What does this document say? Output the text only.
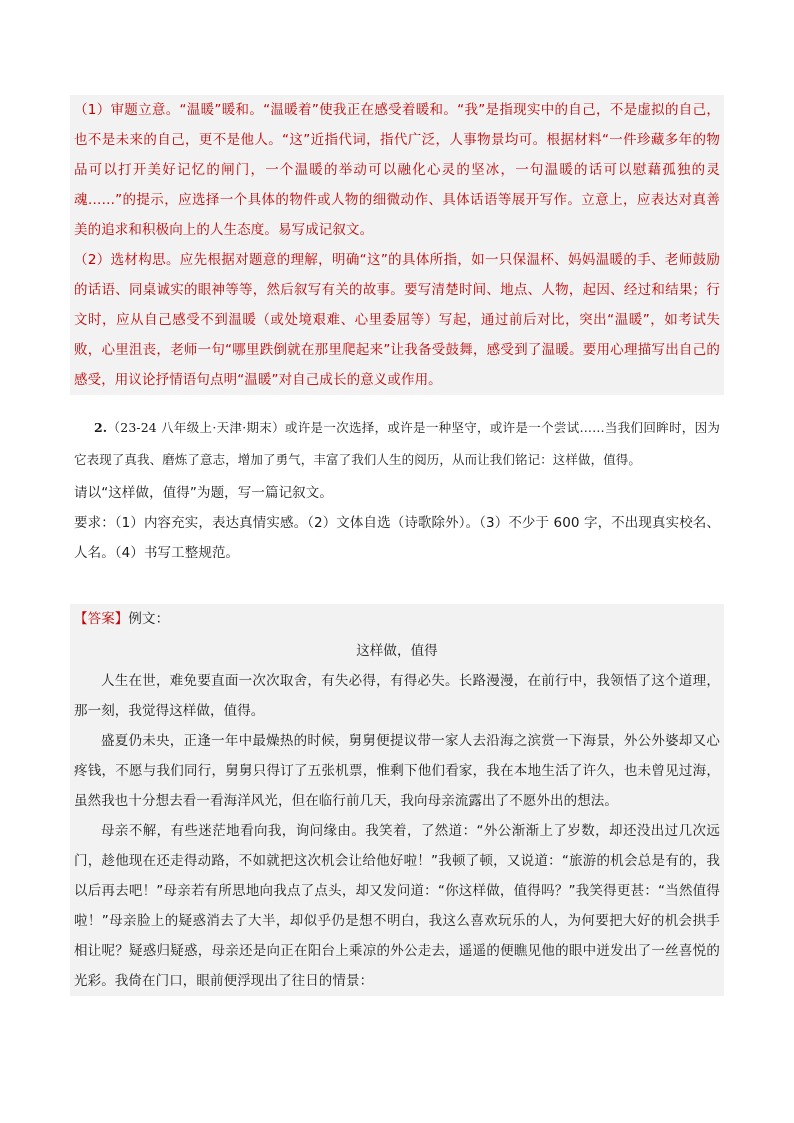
（1）审题立意。“温暖”暖和。“温暖着”使我正在感受着暖和。“我”是指现实中的自己，不是虚拟的自己，也不是未来的自己，更不是他人。“这”近指代词，指代广泛，人事物景均可。根据材料“一件珍藏多年的物品可以打开美好记忆的闸门，一个温暖的举动可以融化心灵的坚冰，一句温暖的话可以慰藉孤独的灵魂……”的提示，应选择一个具体的物件或人物的细微动作、具体话语等展开写作。立意上，应表达对真善美的追求和积极向上的人生态度。易写成记叙文。

（2）选材构思。应先根据对题意的理解，明确“这”的具体所指，如一只保温杯、妈妈温暖的手、老师鼓励的话语、同桌诚实的眼神等等，然后叙写有关的故事。要写清楚时间、地点、人物，起因、经过和结果；行文时，应从自己感受不到温暖（或处境艰难、心里委屈等）写起，通过前后对比，突出“温暖”，如考试失败，心里沮丧，老师一句“哪里跌倒就在那里爬起来”让我备受鼓舞，感受到了温暖。要用心理描写出自己的感受，用议论抒情语句点明“温暖”对自己成长的意义或作用。

2.（23-24 八年级上·天津·期末）或许是一次选择，或许是一种坚守，或许是一个尝试……当我们回眸时，因为它表现了真我、磨炼了意志，增加了勇气，丰富了我们人生的阅历，从而让我们铭记：这样做，值得。

请以“这样做，值得”为题，写一篇记叙文。

要求：（1）内容充实，表达真情实感。（2）文体自选（诗歌除外）。（3）不少于 600 字，不出现真实校名、人名。（4）书写工整规范。

【答案】例文：

这样做，值得

人生在世，难免要直面一次次取舍，有失必得，有得必失。长路漫漫，在前行中，我领悟了这个道理，那一刻，我觉得这样做，值得。

盛夏仍未央，正逢一年中最燥热的时候，舅舅便提议带一家人去沿海之滨赏一下海景，外公外婆却又心疼钱，不愿与我们同行，舅舅只得订了五张机票，惟剩下他们看家，我在本地生活了许久，也未曾见过海，虽然我也十分想去看一看海洋风光，但在临行前几天，我向母亲流露出了不愿外出的想法。

母亲不解，有些迷茫地看向我，询问缘由。我笑着，了然道：“外公渐渐上了岁数，却还没出过几次远门，趁他现在还走得动路，不如就把这次机会让给他好啦！”我顿了顿，又说道：“旅游的机会总是有的，我以后再去吧！”母亲若有所思地向我点了点头，却又发问道：“你这样做，值得吗？”我笑得更甚：“当然值得啦！”母亲脸上的疑惑消去了大半，却似乎仍是想不明白，我这么喜欢玩乐的人，为何要把大好的机会拱手相让呢？疑惑归疑惑，母亲还是向正在阳台上乘凉的外公走去，遥遥的便瞧见他的眼中迸发出了一丝喜悦的光彩。我倚在门口，眼前便浮现出了往日的情景：
